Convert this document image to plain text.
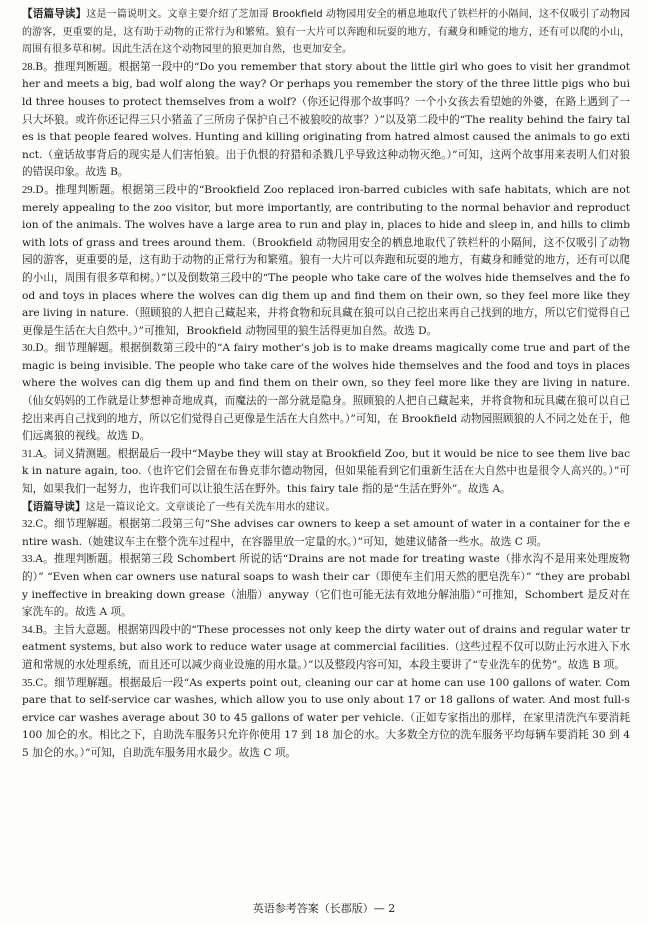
【语篇导读】这是一篇说明文。文章主要介绍了芝加哥 Brookfield 动物园用安全的栖息地取代了铁栏杆的小隔间，这不仅吸引了动物园的游客，更重要的是，这有助于动物的正常行为和繁殖。狼有一大片可以奔跑和玩耍的地方，有藏身和睡觉的地方，还有可以爬的小山，周围有很多草和树。因此生活在这个动物园里的狼更加自然，也更加安全。

28.B。推理判断题。根据第一段中的“Do you remember that story about the little girl who goes to visit her grandmother and meets a big, bad wolf along the way? Or perhaps you remember the story of the three little pigs who build three houses to protect themselves from a wolf?（你还记得那个故事吗？一个小女孩去看望她的外婆，在路上遇到了一只大坏狼。或许你还记得三只小猪盖了三所房子保护自己不被狼咬的故事？）”以及第二段中的“The reality behind the fairy tales is that people feared wolves. Hunting and killing originating from hatred almost caused the animals to go extinct.（童话故事背后的现实是人们害怕狼。出于仇恨的狩猎和杀戮几乎导致这种动物灭绝。）”可知，这两个故事用来表明人们对狼的错误印象。故选 B。

29.D。推理判断题。根据第三段中的“Brookfield Zoo replaced iron-barred cubicles with safe habitats, which are not merely appealing to the zoo visitor, but more importantly, are contributing to the normal behavior and reproduction of the animals. The wolves have a large area to run and play in, places to hide and sleep in, and hills to climb with lots of grass and trees around them.（Brookfield 动物园用安全的栖息地取代了铁栏杆的小隔间，这不仅吸引了动物园的游客，更重要的是，这有助于动物的正常行为和繁殖。狼有一大片可以奔跑和玩耍的地方，有藏身和睡觉的地方，还有可以爬的小山，周围有很多草和树。）”以及倒数第三段中的“The people who take care of the wolves hide themselves and the food and toys in places where the wolves can dig them up and find them on their own, so they feel more like they are living in nature.（照顾狼的人把自己藏起来，并将食物和玩具藏在狼可以自己挖出来再自己找到的地方，所以它们觉得自己更像是生活在大自然中。）”可推知，Brookfield 动物园里的狼生活得更加自然。故选 D。

30.D。细节理解题。根据倒数第三段中的“A fairy mother’s job is to make dreams magically come true and part of the magic is being invisible. The people who take care of the wolves hide themselves and the food and toys in places where the wolves can dig them up and find them on their own, so they feel more like they are living in nature.（仙女妈妈的工作就是让梦想神奇地成真，而魔法的一部分就是隐身。照顾狼的人把自己藏起来，并将食物和玩具藏在狼可以自己挖出来再自己找到的地方，所以它们觉得自己更像是生活在大自然中。）”可知，在 Brookfield 动物园照顾狼的人不同之处在于，他们远离狼的视线。故选 D。

31.A。词义猜测题。根据最后一段中“Maybe they will stay at Brookfield Zoo, but it would be nice to see them live back in nature again, too.（也许它们会留在布鲁克菲尔德动物园，但如果能看到它们重新生活在大自然中也是很令人高兴的。）”可知，如果我们一起努力，也许我们可以让狼生活在野外。this fairy tale 指的是“生活在野外”。故选 A。

【语篇导读】这是一篇议论文。文章谈论了一些有关洗车用水的建议。

32.C。细节理解题。根据第二段第三句“She advises car owners to keep a set amount of water in a container for the entire wash.（她建议车主在整个洗车过程中，在容器里放一定量的水。）”可知，她建议储备一些水。故选 C 项。

33.A。推理判断题。根据第三段 Schombert 所说的话“Drains are not made for treating waste（排水沟不是用来处理废物的）” “Even when car owners use natural soaps to wash their car（即使车主们用天然的肥皂洗车）” “they are probably ineffective in breaking down grease（油脂）anyway（它们也可能无法有效地分解油脂）”可推知，Schombert 是反对在家洗车的。故选 A 项。

34.B。主旨大意题。根据第四段中的“These processes not only keep the dirty water out of drains and regular water treatment systems, but also work to reduce water usage at commercial facilities.（这些过程不仅可以防止污水进入下水道和常规的水处理系统，而且还可以减少商业设施的用水量。）”以及整段内容可知，本段主要讲了“专业洗车的优势”。故选 B 项。

35.C。细节理解题。根据最后一段“As experts point out, cleaning our car at home can use 100 gallons of water. Compare that to self-service car washes, which allow you to use only about 17 or 18 gallons of water. And most full-service car washes average about 30 to 45 gallons of water per vehicle.（正如专家指出的那样，在家里清洗汽车要消耗 100 加仑的水。相比之下，自助洗车服务只允许你使用 17 到 18 加仑的水。大多数全方位的洗车服务平均每辆车要消耗 30 到 45 加仑的水。）”可知，自助洗车服务用水最少。故选 C 项。

英语参考答案（长郡版）— 2
